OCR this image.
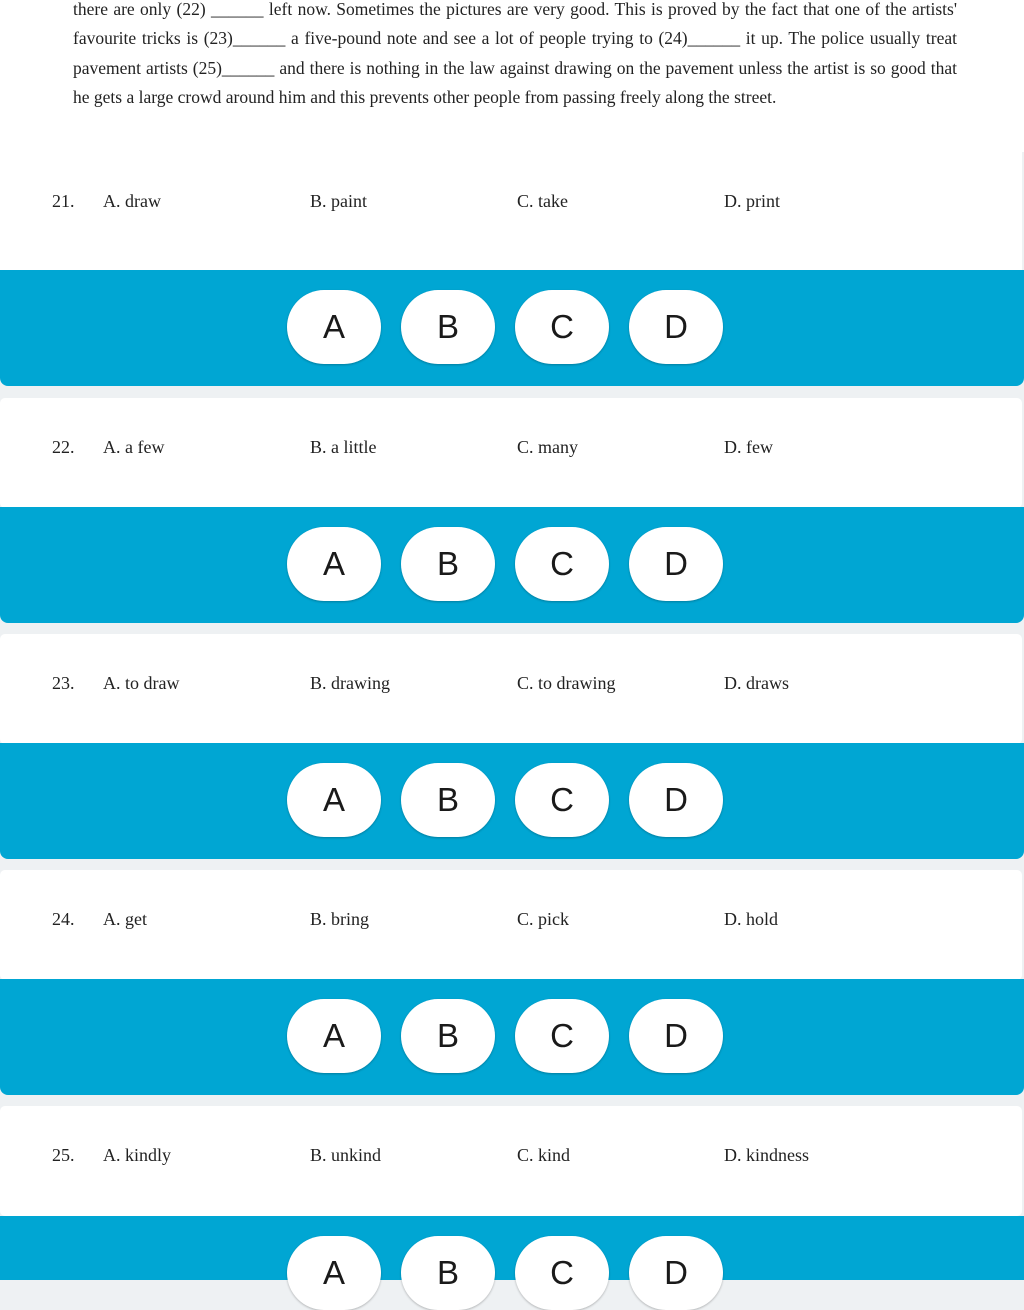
there are only (22) ______ left now. Sometimes the pictures are very good. This is proved by the fact that one of the artists' favourite tricks is (23)______ a five-pound note and see a lot of people trying to (24)______ it up. The police usually treat pavement artists (25)______ and there is nothing in the law against drawing on the pavement unless the artist is so good that he gets a large crowd around him and this prevents other people from passing freely along the street.

21. A. draw	B. paint	C. take	D. print
A	B	C	D
22. A. a few	B. a little	C. many	D. few
A	B	C	D
23. A. to draw	B. drawing	C. to drawing	D. draws
A	B	C	D
24. A. get	B. bring	C. pick	D. hold
A	B	C	D
25. A. kindly	B. unkind	C. kind	D. kindness
A	B	C	D
